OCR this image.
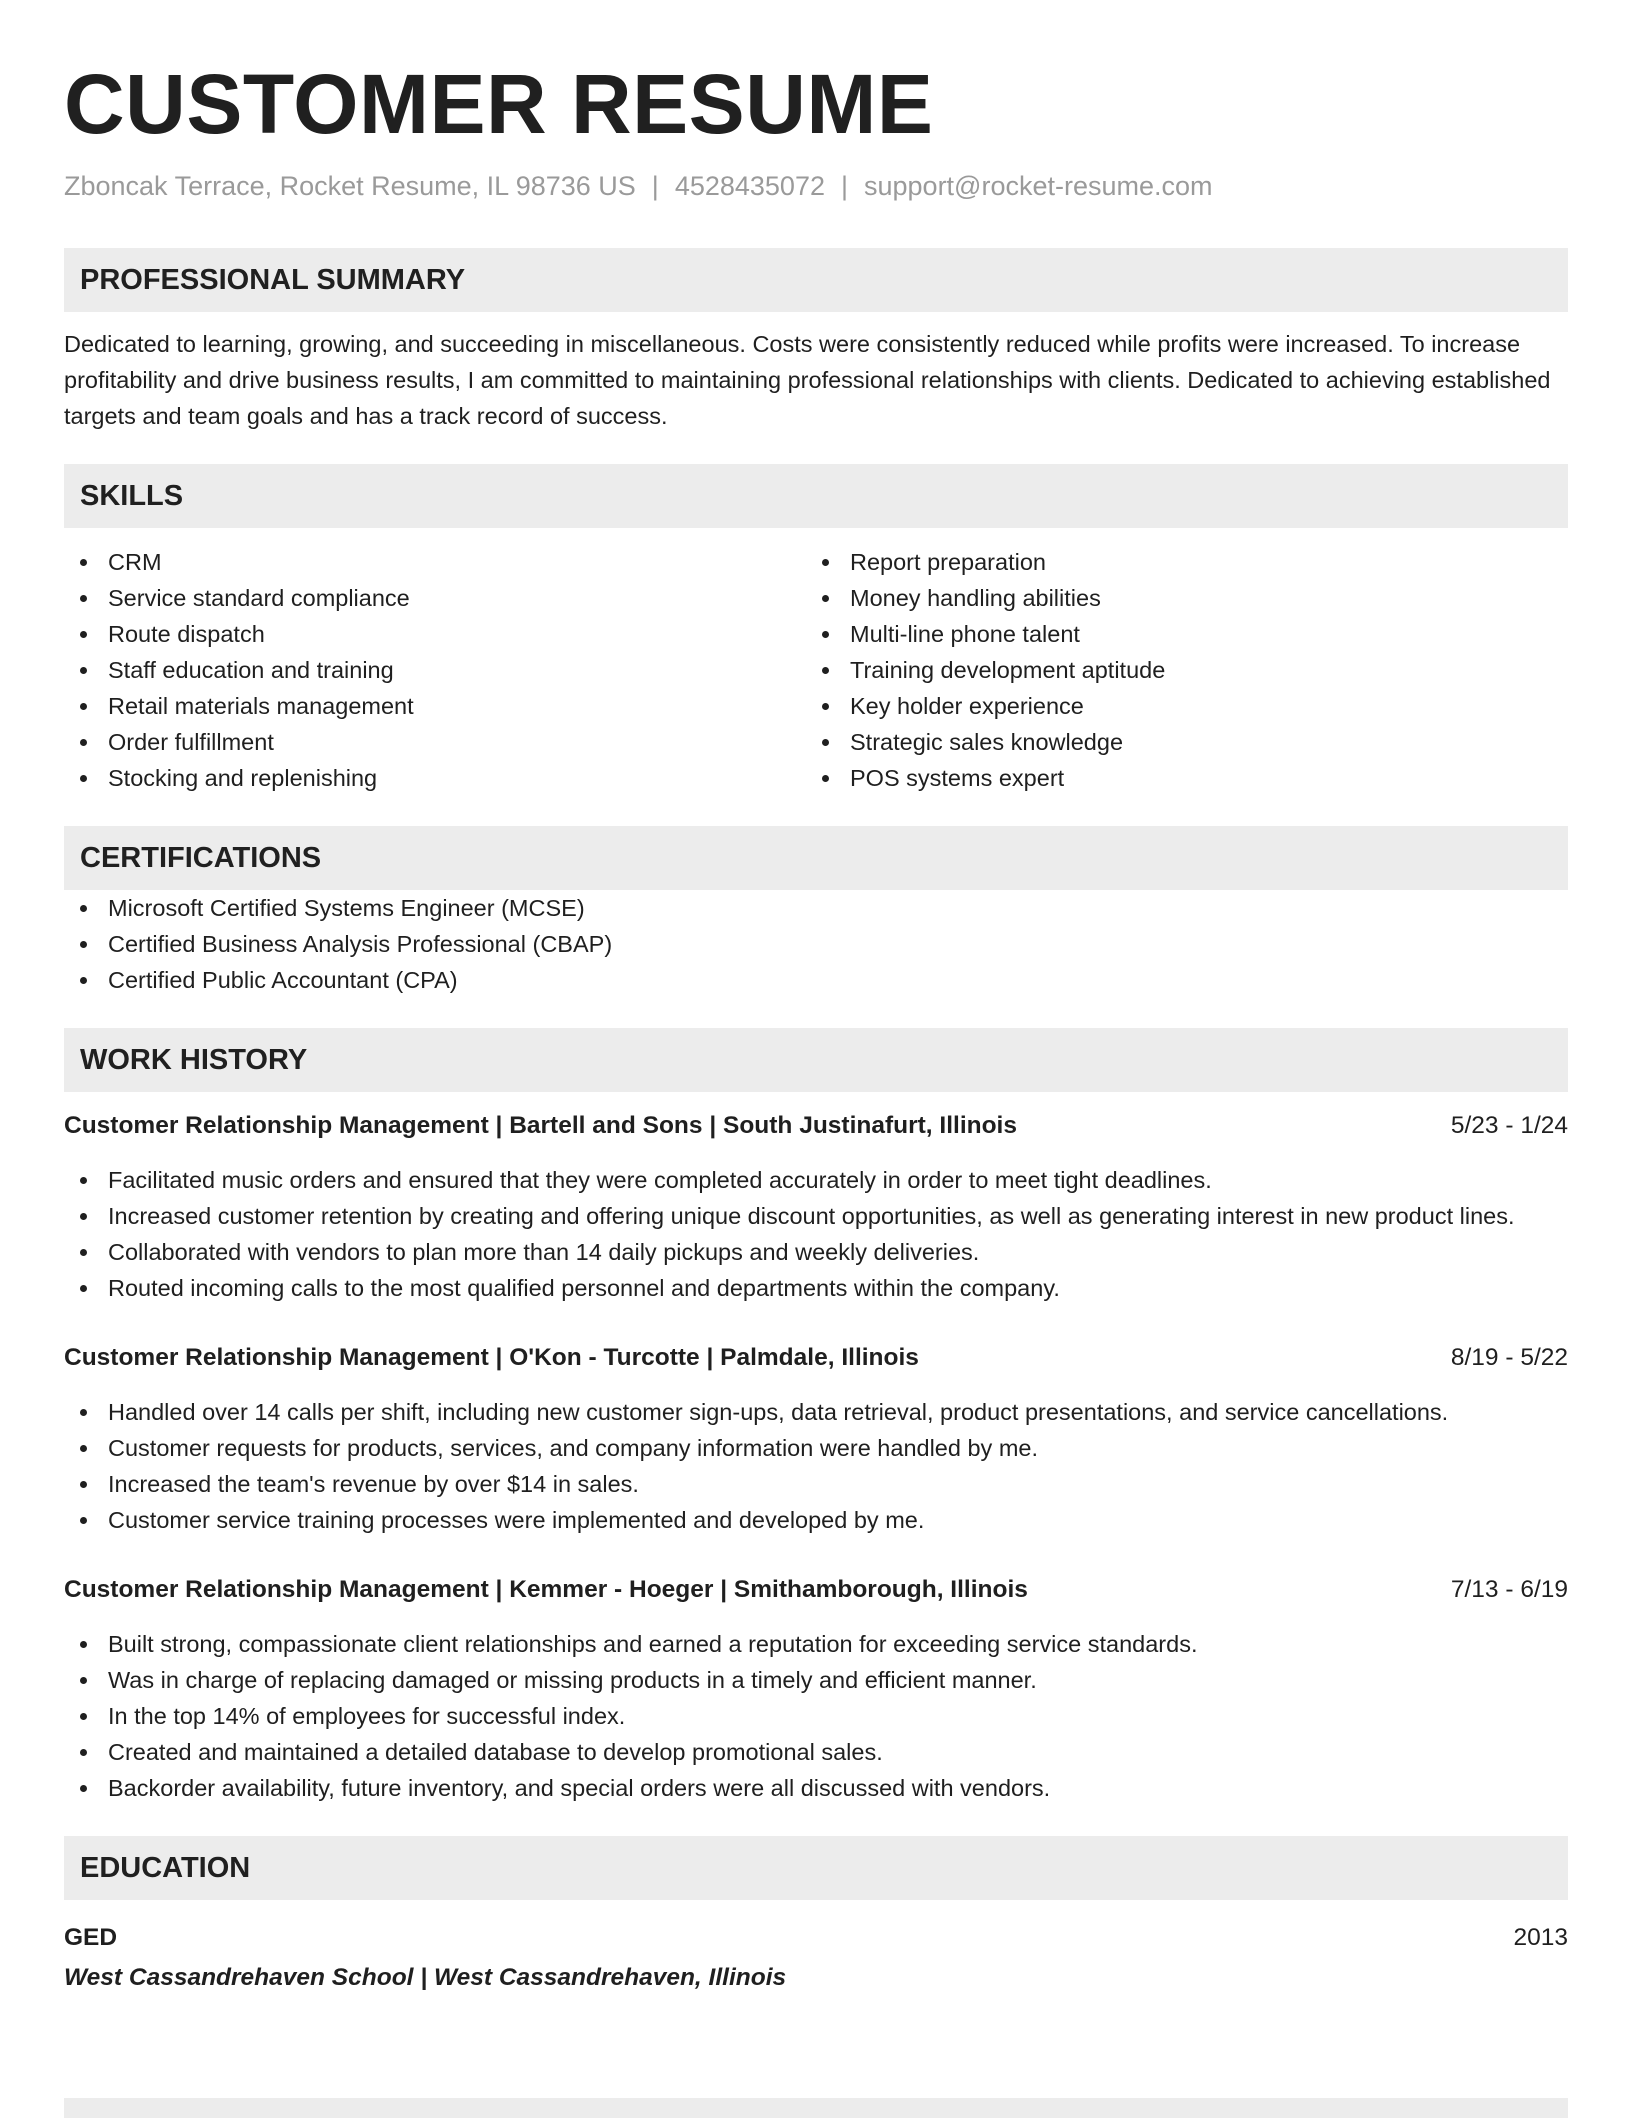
CUSTOMER RESUME
Zboncak Terrace, Rocket Resume, IL 98736 US | 4528435072 | support@rocket-resume.com
PROFESSIONAL SUMMARY

Dedicated to learning, growing, and succeeding in miscellaneous. Costs were consistently reduced while profits were increased. To increase profitability and drive business results, I am committed to maintaining professional relationships with clients. Dedicated to achieving established targets and team goals and has a track record of success.

SKILLS
CRM
Service standard compliance
Route dispatch
Staff education and training
Retail materials management
Order fulfillment
Stocking and replenishing
Report preparation
Money handling abilities
Multi-line phone talent
Training development aptitude
Key holder experience
Strategic sales knowledge
POS systems expert
CERTIFICATIONS
Microsoft Certified Systems Engineer (MCSE)
Certified Business Analysis Professional (CBAP)
Certified Public Accountant (CPA)
WORK HISTORY
Customer Relationship Management | Bartell and Sons | South Justinafurt, Illinois	5/23 - 1/24
Facilitated music orders and ensured that they were completed accurately in order to meet tight deadlines.
Increased customer retention by creating and offering unique discount opportunities, as well as generating interest in new product lines.
Collaborated with vendors to plan more than 14 daily pickups and weekly deliveries.
Routed incoming calls to the most qualified personnel and departments within the company.
Customer Relationship Management | O'Kon - Turcotte | Palmdale, Illinois	8/19 - 5/22
Handled over 14 calls per shift, including new customer sign-ups, data retrieval, product presentations, and service cancellations.
Customer requests for products, services, and company information were handled by me.
Increased the team's revenue by over $14 in sales.
Customer service training processes were implemented and developed by me.
Customer Relationship Management | Kemmer - Hoeger | Smithamborough, Illinois	7/13 - 6/19
Built strong, compassionate client relationships and earned a reputation for exceeding service standards.
Was in charge of replacing damaged or missing products in a timely and efficient manner.
In the top 14% of employees for successful index.
Created and maintained a detailed database to develop promotional sales.
Backorder availability, future inventory, and special orders were all discussed with vendors.
EDUCATION
GED	2013
West Cassandrehaven School | West Cassandrehaven, Illinois
